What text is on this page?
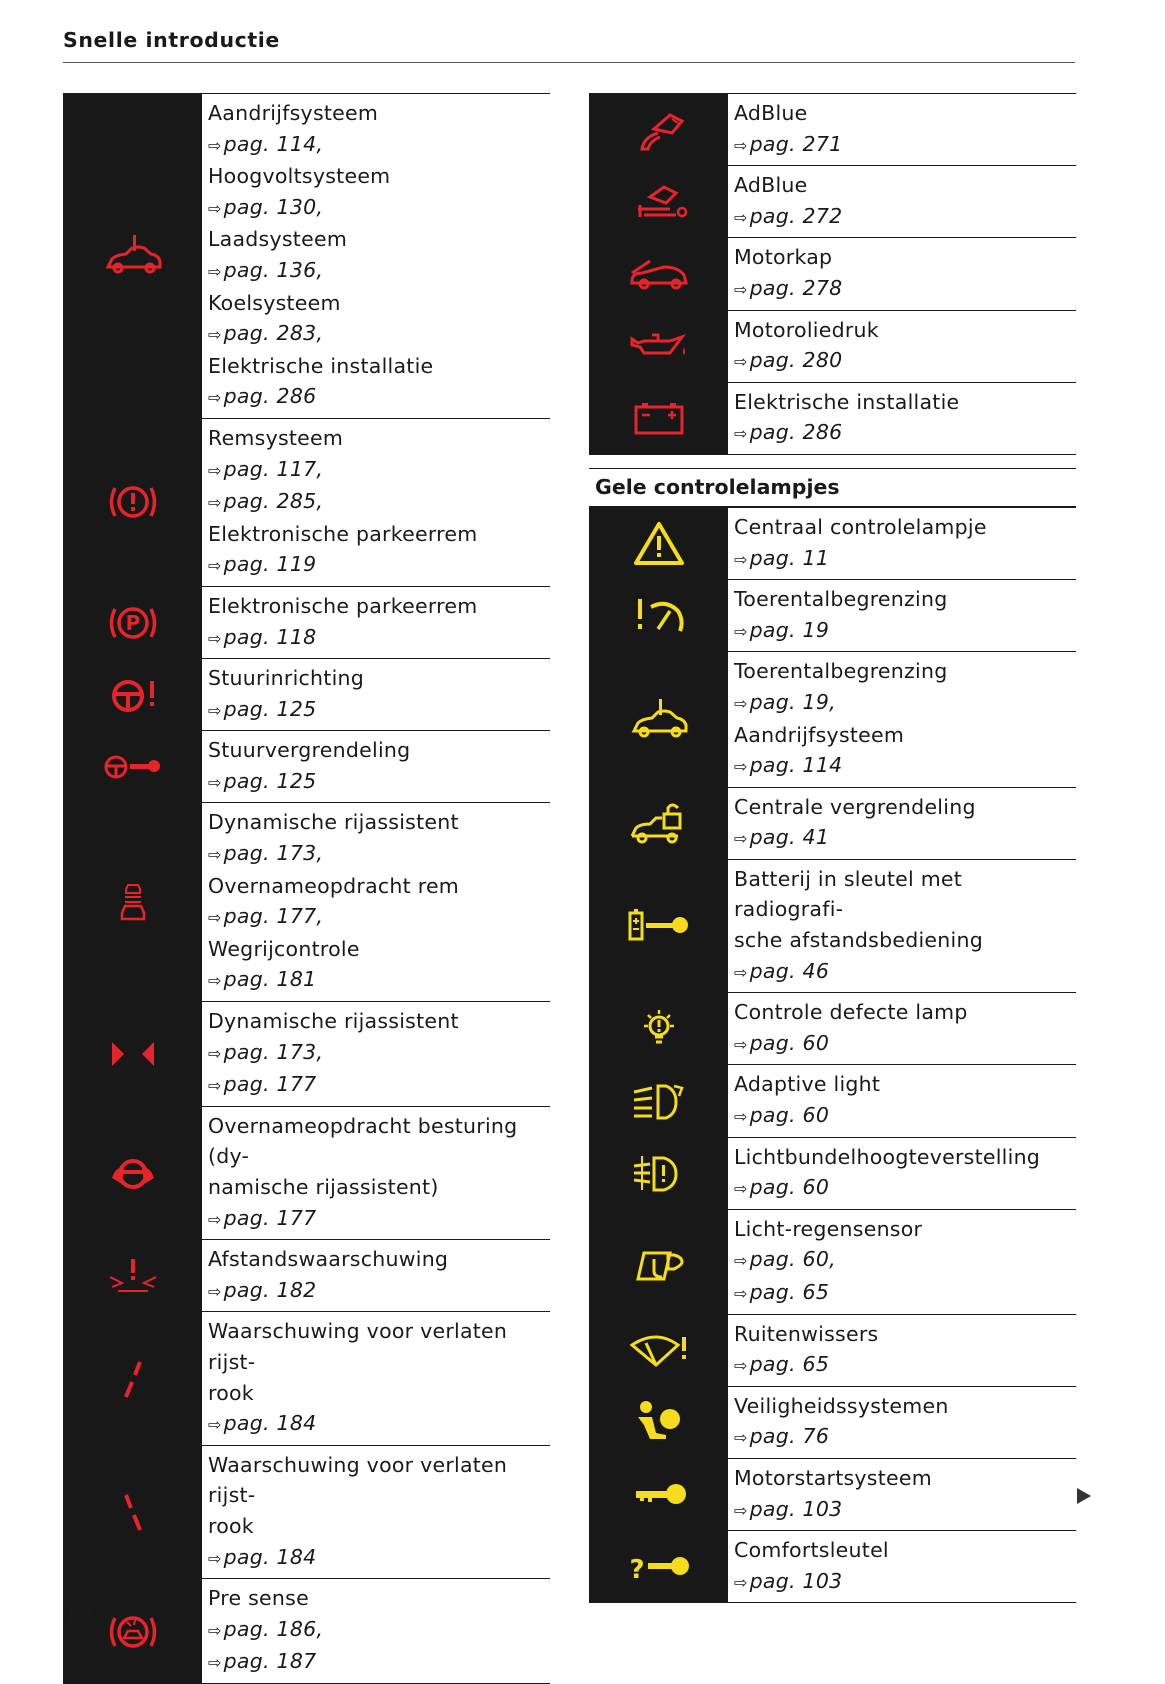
Snelle introductie
Aandrijfsysteem
⇨pag. 114,
Hoogvoltsysteem
⇨pag. 130,
Laadsysteem
⇨pag. 136,
Koelsysteem
⇨pag. 283,
Elektrische installatie
⇨pag. 286
Remsysteem
⇨pag. 117,
⇨pag. 285,
Elektronische parkeerrem
⇨pag. 119
P
Elektronische parkeerrem
⇨pag. 118
Stuurinrichting
⇨pag. 125
Stuurvergrendeling
⇨pag. 125
Dynamische rijassistent
⇨pag. 173,
Overnameopdracht rem
⇨pag. 177,
Wegrijcontrole
⇨pag. 181
Dynamische rijassistent
⇨pag. 173,
⇨pag. 177
Overnameopdracht besturing (dy-
namische rijassistent)
⇨pag. 177
Afstandswaarschuwing
⇨pag. 182
Waarschuwing voor verlaten rijst-
rook
⇨pag. 184
Waarschuwing voor verlaten rijst-
rook
⇨pag. 184
Pre sense
⇨pag. 186,
⇨pag. 187
AdBlue
⇨pag. 271
AdBlue
⇨pag. 272
Motorkap
⇨pag. 278
Motoroliedruk
⇨pag. 280
Elektrische installatie
⇨pag. 286
Gele controlelampjes
Centraal controlelampje
⇨pag. 11
Toerentalbegrenzing
⇨pag. 19
Toerentalbegrenzing
⇨pag. 19,
Aandrijfsysteem
⇨pag. 114
Centrale vergrendeling
⇨pag. 41
Batterij in sleutel met radiografi-
sche afstandsbediening
⇨pag. 46
Controle defecte lamp
⇨pag. 60
Adaptive light
⇨pag. 60
Lichtbundelhoogteverstelling
⇨pag. 60
Licht-regensensor
⇨pag. 60,
⇨pag. 65
Ruitenwissers
⇨pag. 65
Veiligheidssystemen
⇨pag. 76
Motorstartsysteem
⇨pag. 103
?
Comfortsleutel
⇨pag. 103
12
